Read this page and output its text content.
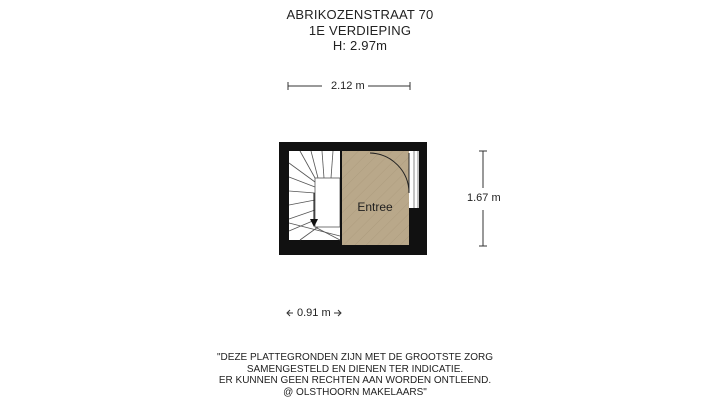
ABRIKOZENSTRAAT 70
1E VERDIEPING
H: 2.97m
2.12 m
1.67 m
0.91 m
Entree
"DEZE PLATTEGRONDEN ZIJN MET DE GROOTSTE ZORG
SAMENGESTELD EN DIENEN TER INDICATIE.
ER KUNNEN GEEN RECHTEN AAN WORDEN ONTLEEND.
@ OLSTHOORN MAKELAARS"
